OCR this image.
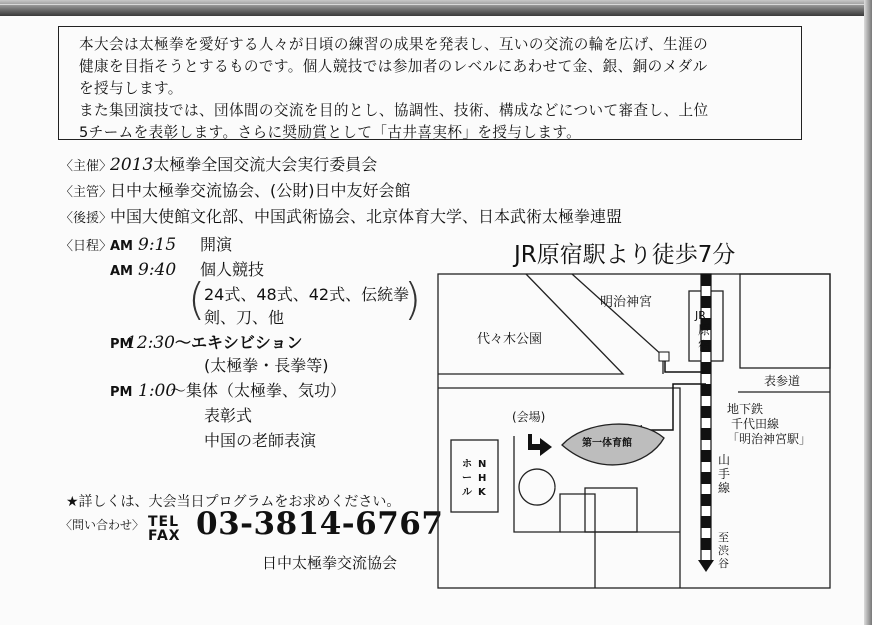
本大会は太極拳を愛好する人々が日頃の練習の成果を発表し、互いの交流の輪を広げ、生涯の

健康を目指そうとするものです。個人競技では参加者のレベルにあわせて金、銀、銅のメダル

を授与します。

また集団演技では、団体間の交流を目的とし、協調性、技術、構成などについて審査し、上位

5チームを表彰します。さらに奨励賞として「古井喜実杯」を授与します。

〈主催〉2013太極拳全国交流大会実行委員会
〈主管〉日中太極拳交流協会、(公財)日中友好会館
〈後援〉中国大使館文化部、中国武術協会、北京体育大学、日本武術太極拳連盟
〈日程〉AM 9:15 開演
AM 9:40 個人競技
(
24式、48式、42式、伝統拳
剣、刀、他	)
PM12:30〜エキシビション
(太極拳・長拳等)
PM 1:00〜集体（太極拳、気功）
表彰式
中国の老師表演
★詳しくは、大会当日プログラムをお求めください。
〈問い合わせ〉 TEL
FAX 03-3814-6767
日中太極拳交流協会
JR原宿駅より徒歩7分
明治神宮
代々木公園
JR
原
宿
表参道
地下鉄
千代田線
「明治神宮駅」
山
手
線
至
渋
谷
(会場)
第一体育館
N
H
K
ホ
ー
ル
